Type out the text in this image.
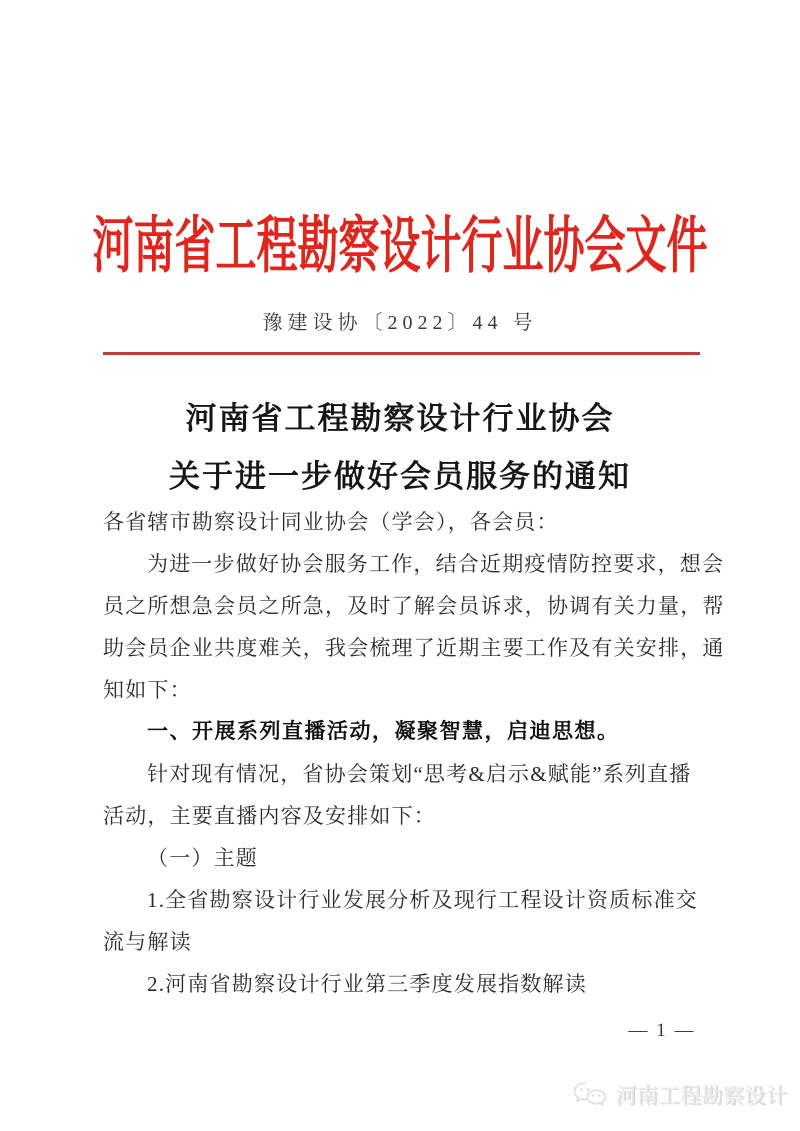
河南省工程勘察设计行业协会文件
豫建设协〔2022〕44 号
河南省工程勘察设计行业协会
关于进一步做好会员服务的通知
各省辖市勘察设计同业协会（学会），各会员：
为进一步做好协会服务工作，结合近期疫情防控要求，想会
员之所想急会员之所急，及时了解会员诉求，协调有关力量，帮
助会员企业共度难关，我会梳理了近期主要工作及有关安排，通
知如下：
一、开展系列直播活动，凝聚智慧，启迪思想。
针对现有情况，省协会策划“思考&启示&赋能”系列直播
活动，主要直播内容及安排如下：
（一）主题
1.全省勘察设计行业发展分析及现行工程设计资质标准交
流与解读
2.河南省勘察设计行业第三季度发展指数解读
— 1 —
河南工程勘察设计
